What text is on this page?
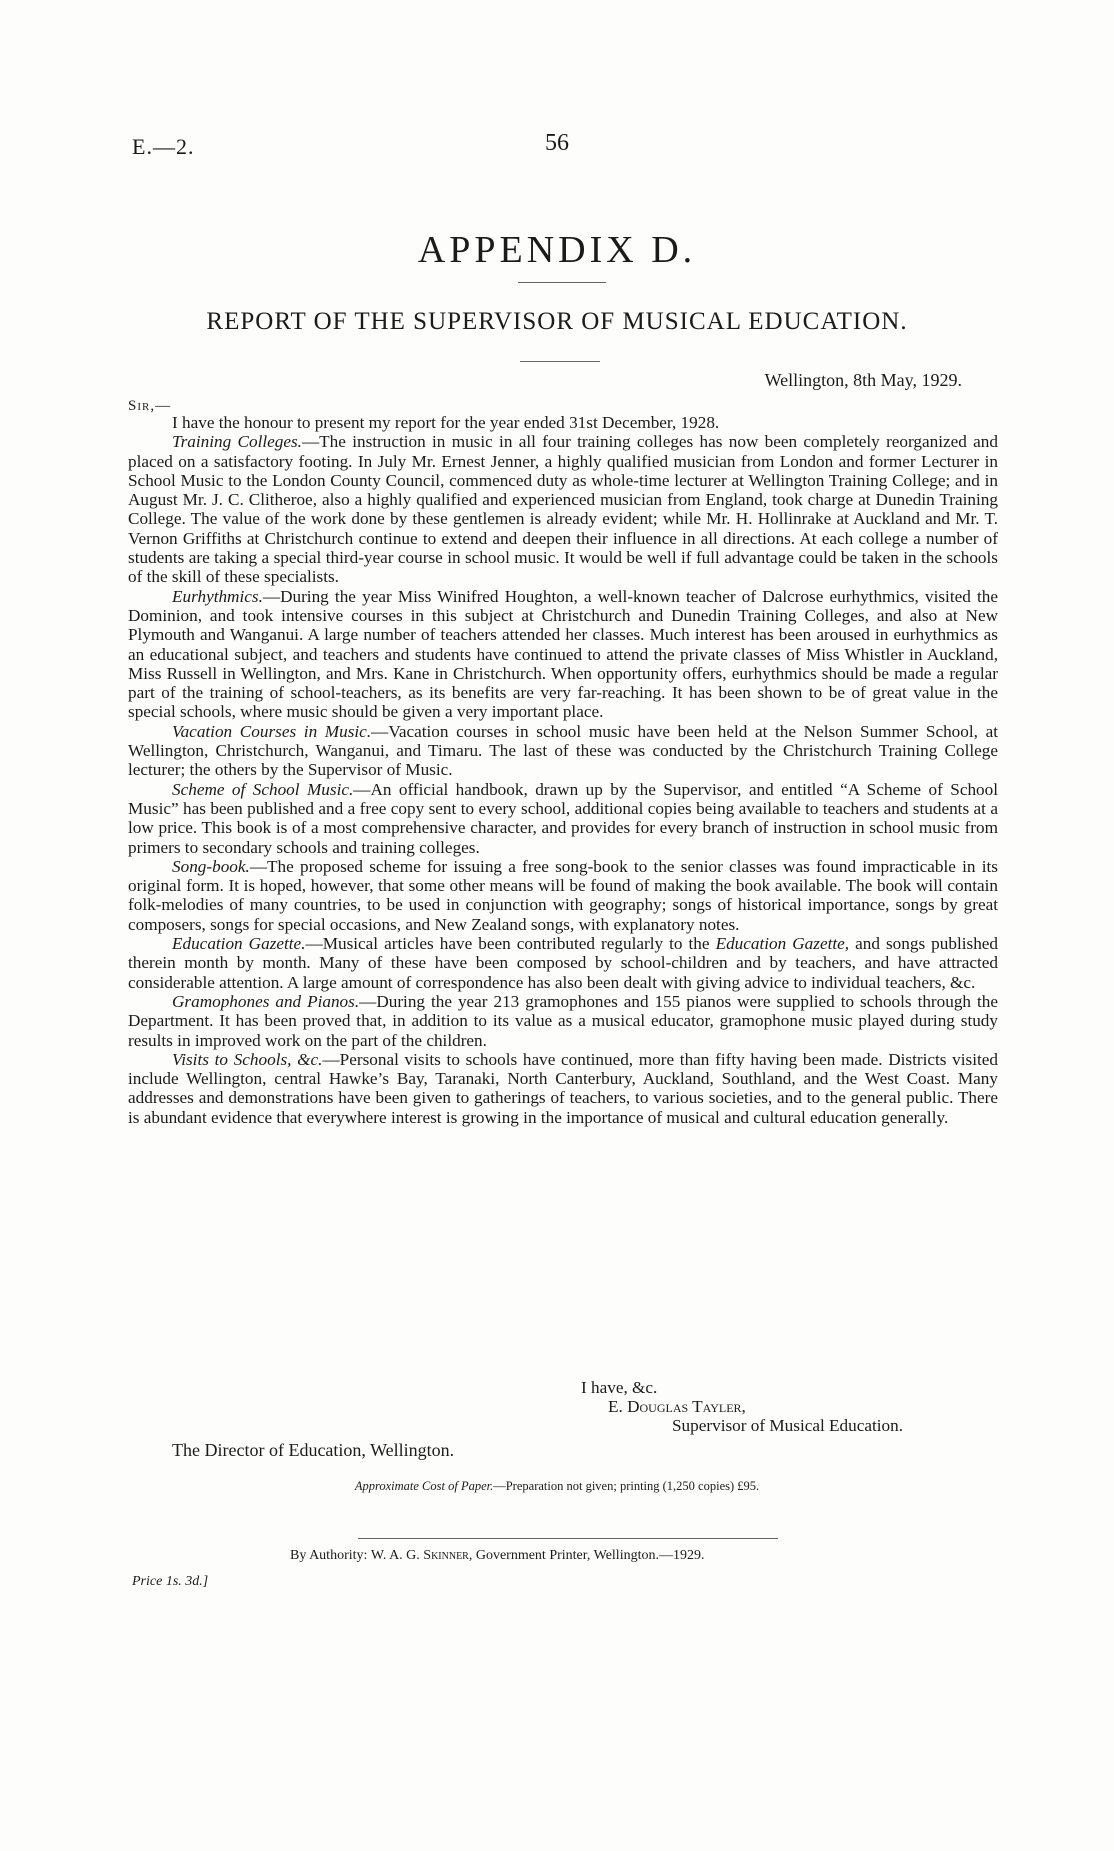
E.—2.	56
APPENDIX D.
REPORT OF THE SUPERVISOR OF MUSICAL EDUCATION.
Wellington, 8th May, 1929.
Sir,—

I have the honour to present my report for the year ended 31st December, 1928.

Training Colleges.—The instruction in music in all four training colleges has now been completely reorganized and placed on a satisfactory footing. In July Mr. Ernest Jenner, a highly qualified musician from London and former Lecturer in School Music to the London County Council, commenced duty as whole-time lecturer at Wellington Training College; and in August Mr. J. C. Clitheroe, also a highly qualified and experienced musician from England, took charge at Dunedin Training College. The value of the work done by these gentlemen is already evident; while Mr. H. Hollinrake at Auckland and Mr. T. Vernon Griffiths at Christchurch continue to extend and deepen their influence in all directions. At each college a number of students are taking a special third-year course in school music. It would be well if full advantage could be taken in the schools of the skill of these specialists.

Eurhythmics.—During the year Miss Winifred Houghton, a well-known teacher of Dalcrose eurhythmics, visited the Dominion, and took intensive courses in this subject at Christchurch and Dunedin Training Colleges, and also at New Plymouth and Wanganui. A large number of teachers attended her classes. Much interest has been aroused in eurhythmics as an educational subject, and teachers and students have continued to attend the private classes of Miss Whistler in Auckland, Miss Russell in Wellington, and Mrs. Kane in Christchurch. When opportunity offers, eurhythmics should be made a regular part of the training of school-teachers, as its benefits are very far-reaching. It has been shown to be of great value in the special schools, where music should be given a very important place.

Vacation Courses in Music.—Vacation courses in school music have been held at the Nelson Summer School, at Wellington, Christchurch, Wanganui, and Timaru. The last of these was conducted by the Christchurch Training College lecturer; the others by the Supervisor of Music.

Scheme of School Music.—An official handbook, drawn up by the Supervisor, and entitled “A Scheme of School Music” has been published and a free copy sent to every school, additional copies being available to teachers and students at a low price. This book is of a most comprehensive character, and provides for every branch of instruction in school music from primers to secondary schools and training colleges.

Song-book.—The proposed scheme for issuing a free song-book to the senior classes was found impracticable in its original form. It is hoped, however, that some other means will be found of making the book available. The book will contain folk-melodies of many countries, to be used in conjunction with geography; songs of historical importance, songs by great composers, songs for special occasions, and New Zealand songs, with explanatory notes.

Education Gazette.—Musical articles have been contributed regularly to the Education Gazette, and songs published therein month by month. Many of these have been composed by school-children and by teachers, and have attracted considerable attention. A large amount of correspondence has also been dealt with giving advice to individual teachers, &c.

Gramophones and Pianos.—During the year 213 gramophones and 155 pianos were supplied to schools through the Department. It has been proved that, in addition to its value as a musical educator, gramophone music played during study results in improved work on the part of the children.

Visits to Schools, &c.—Personal visits to schools have continued, more than fifty having been made. Districts visited include Wellington, central Hawke’s Bay, Taranaki, North Canterbury, Auckland, Southland, and the West Coast. Many addresses and demonstrations have been given to gatherings of teachers, to various societies, and to the general public. There is abundant evidence that everywhere interest is growing in the importance of musical and cultural education generally.

I have, &c.
E. Douglas Tayler,
Supervisor of Musical Education.
The Director of Education, Wellington.
Approximate Cost of Paper.—Preparation not given; printing (1,250 copies) £95.
By Authority: W. A. G. Skinner, Government Printer, Wellington.—1929.
Price 1s. 3d.]
